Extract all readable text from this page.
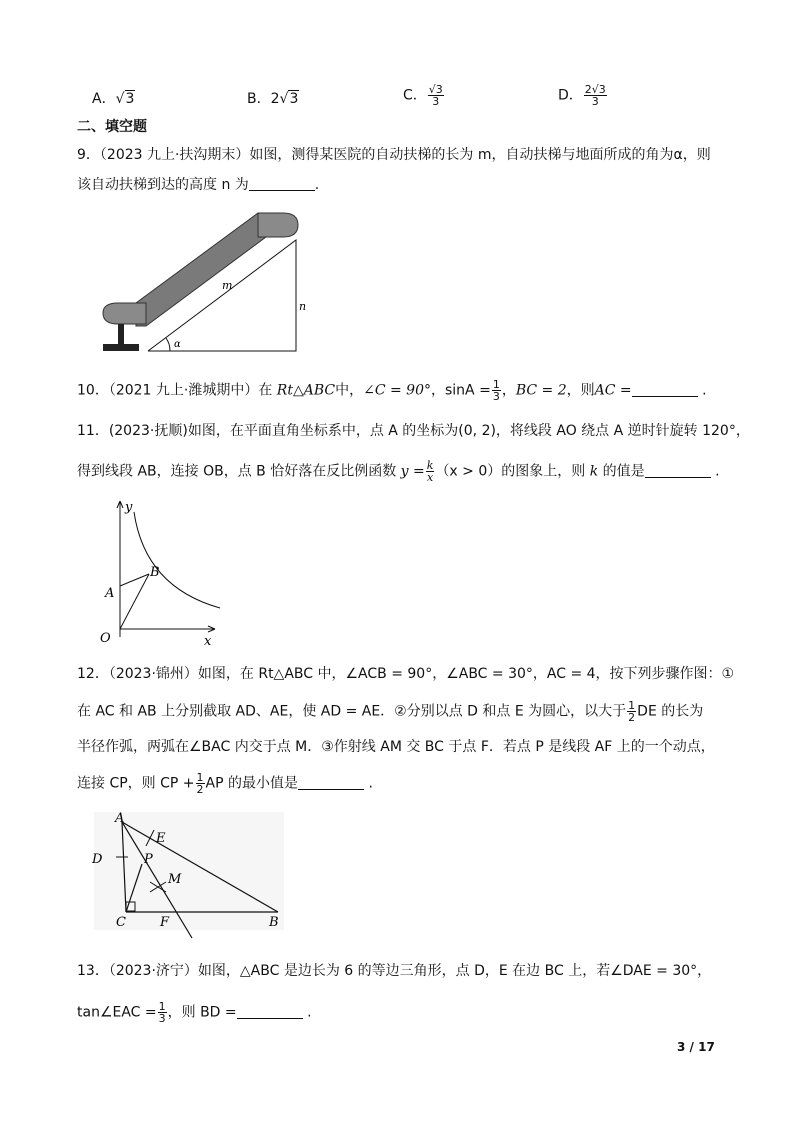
A．√3	B．2√3	C． $\frac{√3}{3}$	D． $\frac{2√3}{3}$
二、填空题
9．（2023 九上·扶沟期末）如图，测得某医院的自动扶梯的长为 m，自动扶梯与地面所成的角为α，则
该自动扶梯到达的高度 n 为	.
m
n
α
10．（2021 九上·潍城期中）在 Rt△ABC中，∠C = 90°，$\sin A = \frac{1}{3}$ ，BC = 2，则AC =	.
11．(2023·抚顺)如图，在平面直角坐标系中，点 A 的坐标为(0, 2)，将线段 AO 绕点 A 逆时针旋转 120°，
得到线段 AB，连接 OB，点 B 恰好落在反比例函数 $y = \frac{k}{x} (x > 0)$的图象上，则 k 的值是	.
y
x
O
A
B
12．（2023·锦州）如图，在 Rt△ABC 中，∠ACB = 90°，∠ABC = 30°，AC = 4，按下列步骤作图：①
在 AC 和 AB 上分别截取 AD、AE，使 AD = AE．②分别以点 D 和点 E 为圆心，以大于 $\frac{1}{2}$ DE 的长为
半径作弧，两弧在∠BAC 内交于点 M．③作射线 AM 交 BC 于点 F．若点 P 是线段 AF 上的一个动点，
连接 CP，则 CP + $\frac{1}{2}$ AP 的最小值是	.
A
E
D	P
M
C	F	B
13．（2023·济宁）如图，△ABC 是边长为 6 的等边三角形，点 D，E 在边 BC 上，若∠DAE = 30°，
tan∠EAC = $\frac{1}{3}$ ，则 BD =	.
3 / 17
